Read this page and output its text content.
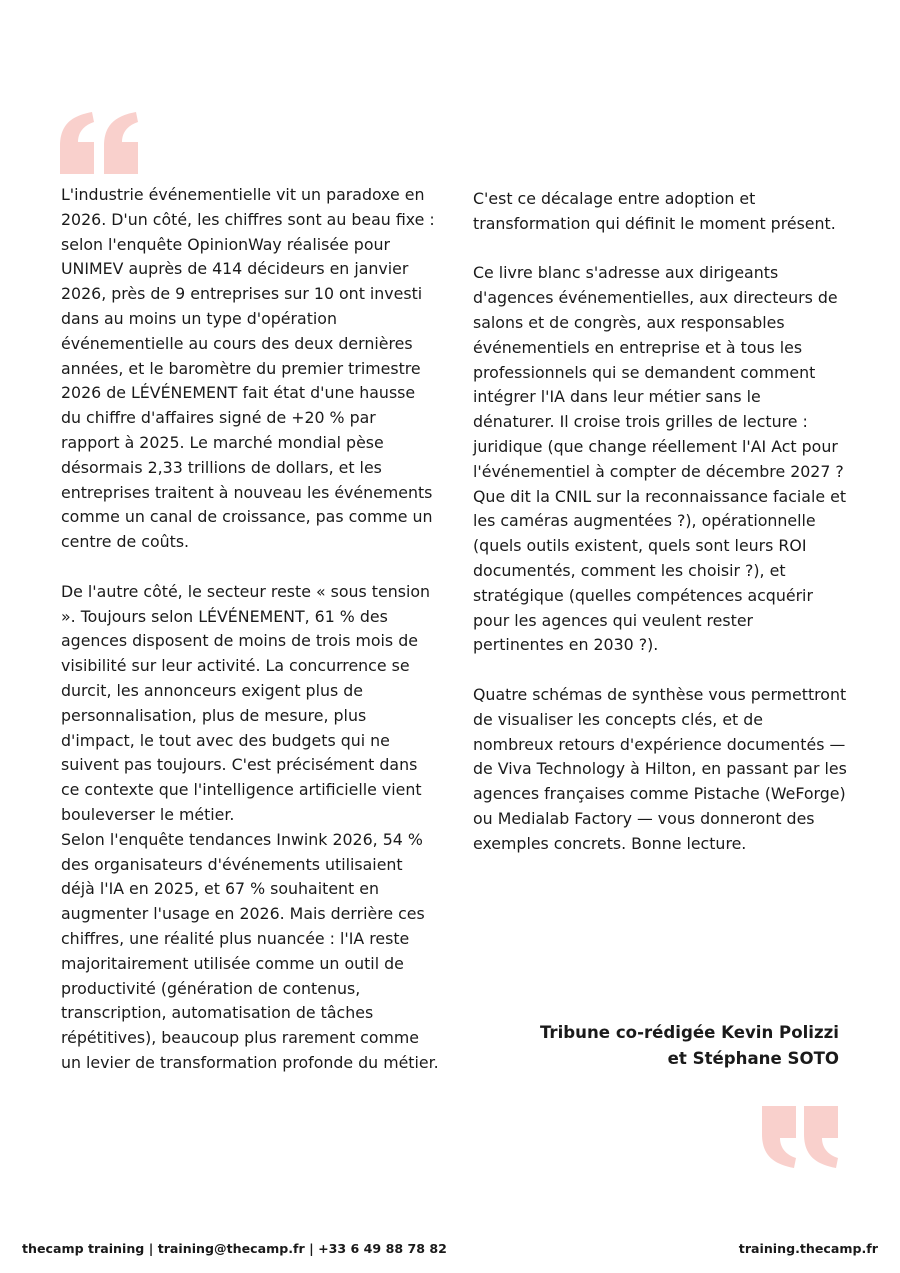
L'industrie événementielle vit un paradoxe en 2026. D'un côté, les chiffres sont au beau fixe : selon l'enquête OpinionWay réalisée pour UNIMEV auprès de 414 décideurs en janvier 2026, près de 9 entreprises sur 10 ont investi dans au moins un type d'opération événementielle au cours des deux dernières années, et le baromètre du premier trimestre 2026 de LÉVÉNEMENT fait état d'une hausse du chiffre d'affaires signé de +20 % par rapport à 2025. Le marché mondial pèse désormais 2,33 trillions de dollars, et les entreprises traitent à nouveau les événements comme un canal de croissance, pas comme un centre de coûts.

De l'autre côté, le secteur reste « sous tension ». Toujours selon LÉVÉNEMENT, 61 % des agences disposent de moins de trois mois de visibilité sur leur activité. La concurrence se durcit, les annonceurs exigent plus de personnalisation, plus de mesure, plus d'impact, le tout avec des budgets qui ne suivent pas toujours. C'est précisément dans ce contexte que l'intelligence artificielle vient bouleverser le métier.

Selon l'enquête tendances Inwink 2026, 54 % des organisateurs d'événements utilisaient déjà l'IA en 2025, et 67 % souhaitent en augmenter l'usage en 2026. Mais derrière ces chiffres, une réalité plus nuancée : l'IA reste majoritairement utilisée comme un outil de productivité (génération de contenus, transcription, automatisation de tâches répétitives), beaucoup plus rarement comme un levier de transformation profonde du métier.

C'est ce décalage entre adoption et transformation qui définit le moment présent.

Ce livre blanc s'adresse aux dirigeants d'agences événementielles, aux directeurs de salons et de congrès, aux responsables événementiels en entreprise et à tous les professionnels qui se demandent comment intégrer l'IA dans leur métier sans le dénaturer. Il croise trois grilles de lecture : juridique (que change réellement l'AI Act pour l'événementiel à compter de décembre 2027 ? Que dit la CNIL sur la reconnaissance faciale et les caméras augmentées ?), opérationnelle (quels outils existent, quels sont leurs ROI documentés, comment les choisir ?), et stratégique (quelles compétences acquérir pour les agences qui veulent rester pertinentes en 2030 ?).

Quatre schémas de synthèse vous permettront de visualiser les concepts clés, et de nombreux retours d'expérience documentés — de Viva Technology à Hilton, en passant par les agences françaises comme Pistache (WeForge) ou Medialab Factory — vous donneront des exemples concrets. Bonne lecture.

Tribune co-rédigée Kevin Polizzi
et Stéphane SOTO
thecamp training | training@thecamp.fr | +33 6 49 88 78 82	training.thecamp.fr
